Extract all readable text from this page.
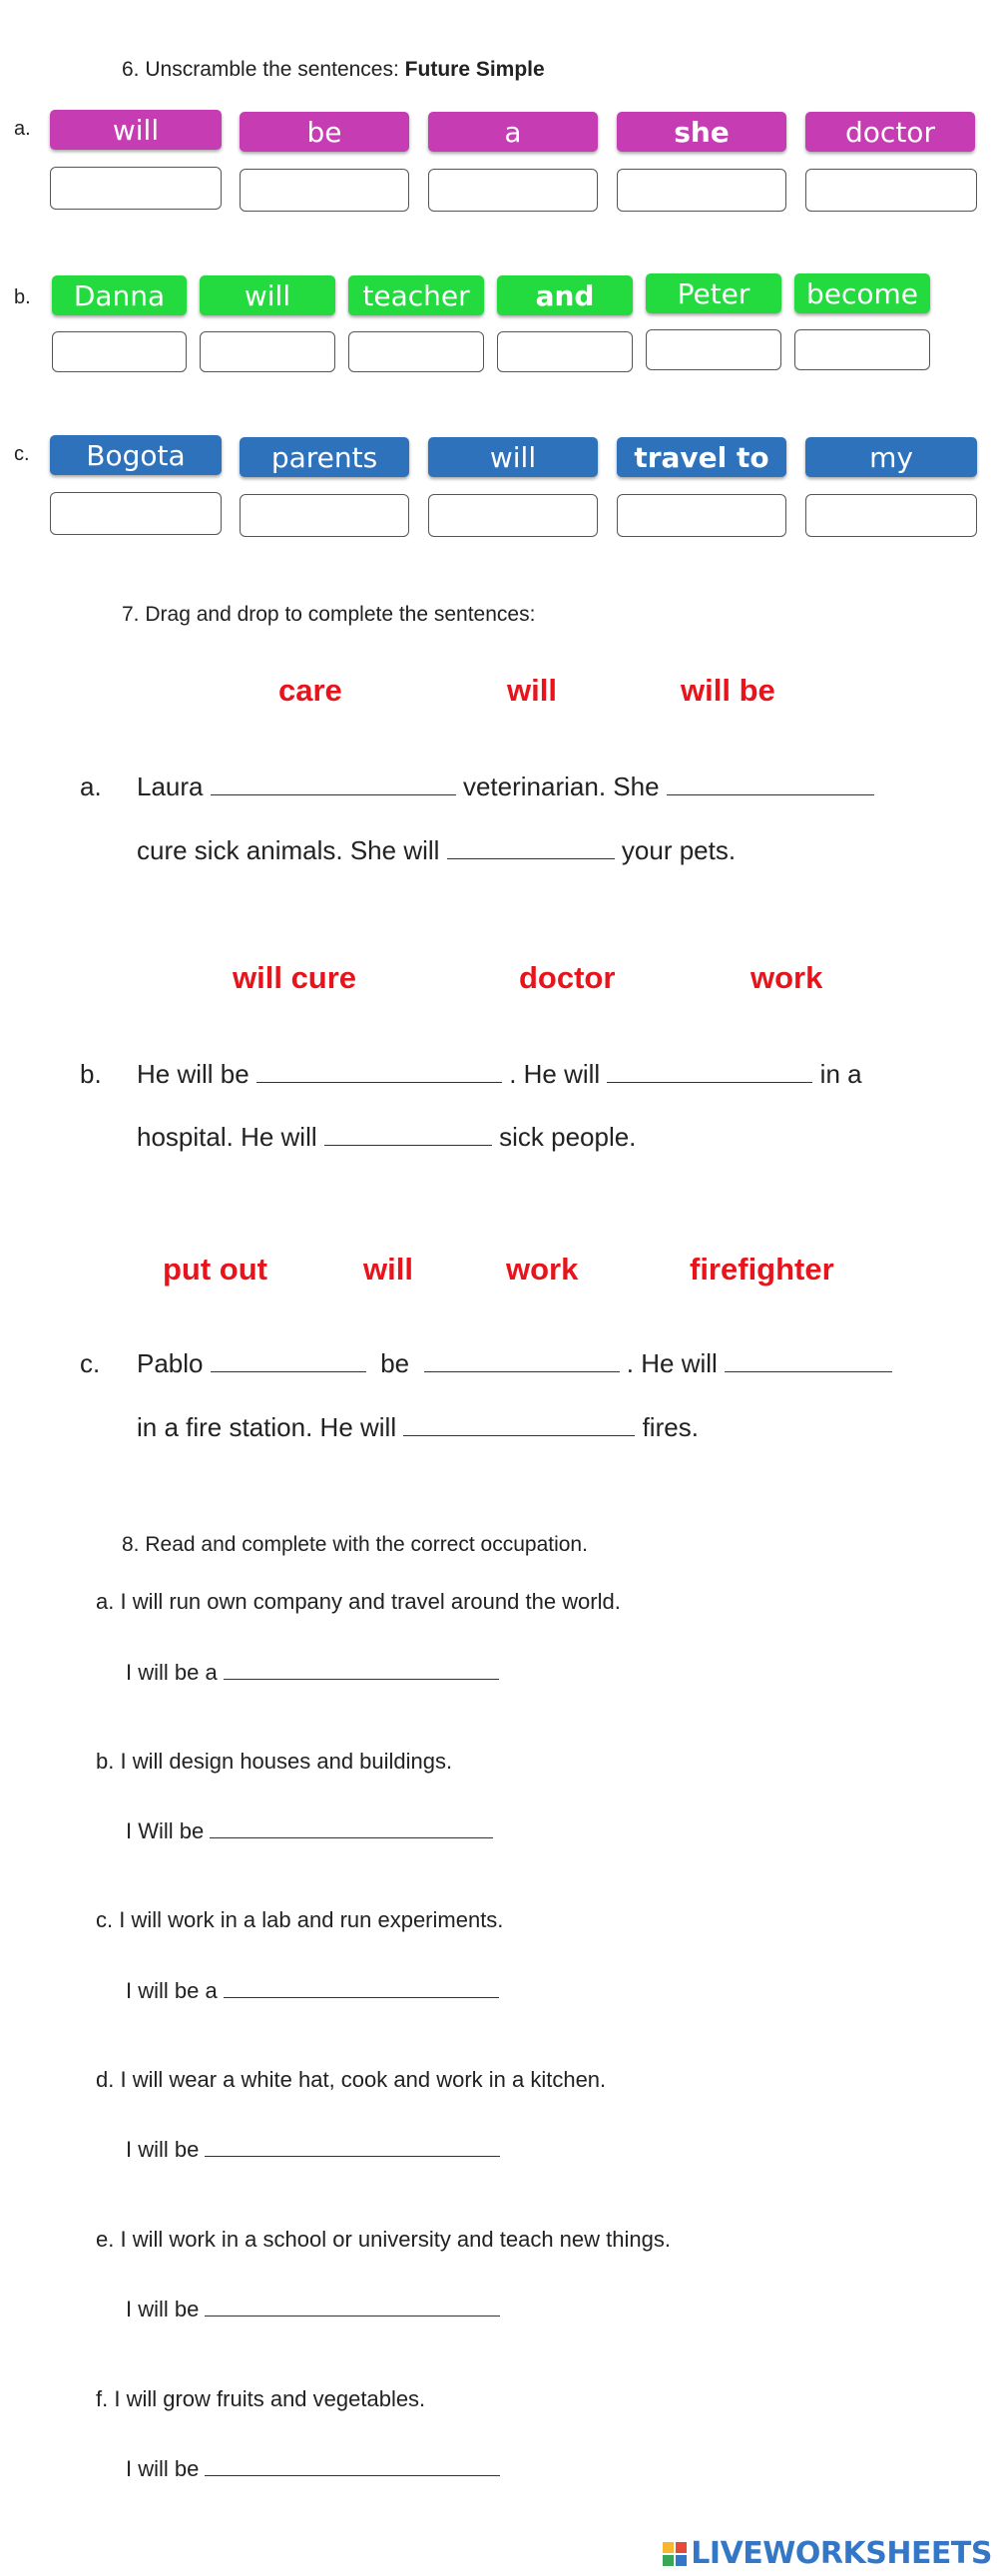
6. Unscramble the sentences: Future Simple
a.	will	be	a	she	doctor
b.	Danna	will	teacher	and	Peter	become
c.	Bogota	parents	will	travel to	my
7. Drag and drop to complete the sentences:
care	will	will be
a. Laura	veterinarian. She
cure sick animals. She will	your pets.
will cure	doctor	work
b. He will be	. He will	in a
hospital. He will	sick people.
put out	will	work	firefighter
c. Pablo	be	. He will
in a fire station. He will	fires.
8. Read and complete with the correct occupation.
a. I will run own company and travel around the world.
I will be a
b. I will design houses and buildings.
I Will be
c. I will work in a lab and run experiments.
I will be a
d. I will wear a white hat, cook and work in a kitchen.
I will be
e. I will work in a school or university and teach new things.
I will be
f. I will grow fruits and vegetables.
I will be
LIVEWORKSHEETS
